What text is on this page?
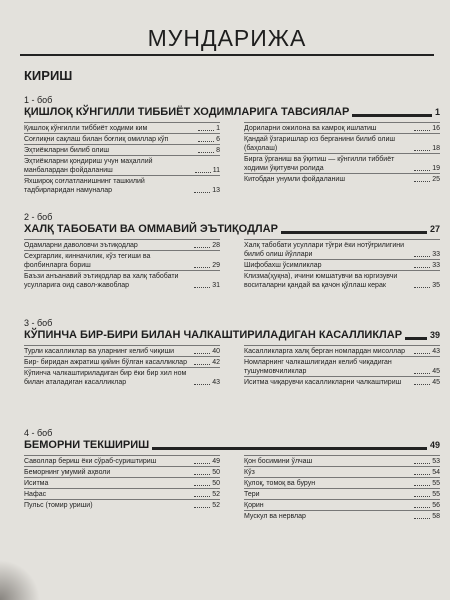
МУНДАРИЖА
КИРИШ
1 - боб
ҚИШЛОҚ КЎНГИЛЛИ ТИББИЁТ ХОДИМЛАРИГА ТАВСИЯЛАР	1
Қишлоқ кўнгилли тиббиёт ходими ким	1
Соғлиқни сақлаш билан боғлиқ омиллар кўп	6
Эҳтиёжларни билиб олиш	8
Эҳтиёжларни қондириш учун маҳаллий манбалардан фойдаланиш	11
Яхшироқ соғлатланишнинг ташкилий тадбирларидан намуналар	13
Дориларни ожилона ва камроқ ишлатиш	16
Қандай ўзгаришлар юз берганини билиб олиш (баҳолаш)	18
Бирга ўрганиш ва ўқитиш — кўнгилли тиббиёт ходими ўқитувчи ролида	19
Китобдан унумли фойдаланиш	25
2 - боб
ХАЛҚ ТАБОБАТИ ВА ОММАВИЙ ЭЪТИҚОДЛАР	27
Одамларни даволовчи эътиқодлар	28
Сеҳргарлик, кинначилик, кўз тегиши ва фолбинларга бориш	29
Баъзи анъанавий эътиқодлар ва халқ табобати усулларига оид савол-жавоблар	31
Халқ табобати усуллари тўғри ёки нотўғрилигини билиб олиш йўллари	33
Шифобахш ўсимликлар	33
Клизма(ҳуқна), ичини юмшатувчи ва юргизувчи воситаларни қандай ва қачон қўллаш керак	35
3 - боб
КЎПИНЧА БИР-БИРИ БИЛАН ЧАЛКАШТИРИЛАДИГАН КАСАЛЛИКЛАР	39
Турли касалликлар ва уларнинг келиб чиқиши	40
Бир- биридан ажратиш қийин бўлган касалликлар	42
Кўпинча чалкаштириладиган бир ёки бир хил ном билан аталадиган касалликлар	43
Касалликларга халқ берган номлардан мисоллар	43
Номларнинг чалкашлигидан келиб чиқадиган тушунмовчиликлар	45
Иситма чиқарувчи касалликларни чалкаштириш	45
4 - боб
БЕМОРНИ ТЕКШИРИШ	49
Саволлар бериш ёки сўраб-суриштириш	49
Беморнинг умумий аҳволи	50
Иситма	50
Нафас	52
Пульс (томир уриши)	52
Қон босимини ўлчаш	53
Кўз	54
Қулоқ, томоқ ва бурун	55
Тери	55
Қорин	56
Мускул ва нервлар	58
